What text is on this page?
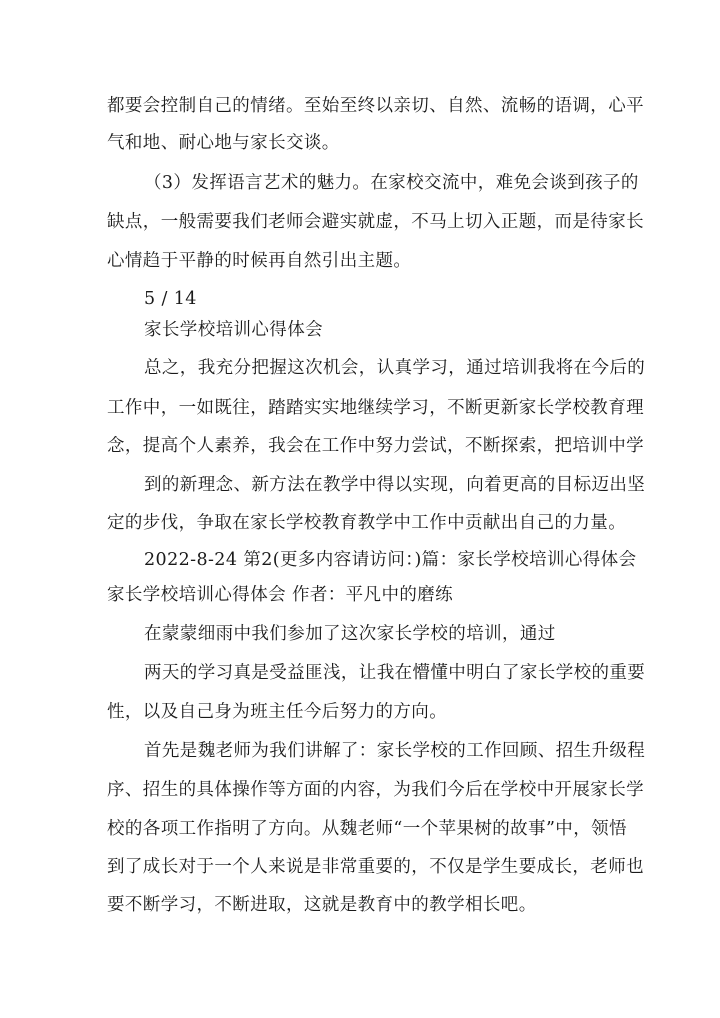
都要会控制自己的情绪。至始至终以亲切、自然、流畅的语调，心平
气和地、耐心地与家长交谈。
（3）发挥语言艺术的魅力。在家校交流中，难免会谈到孩子的
缺点，一般需要我们老师会避实就虚，不马上切入正题，而是待家长
心情趋于平静的时候再自然引出主题。
5 / 14
家长学校培训心得体会
总之，我充分把握这次机会，认真学习，通过培训我将在今后的
工作中，一如既往，踏踏实实地继续学习，不断更新家长学校教育理
念，提高个人素养，我会在工作中努力尝试，不断探索，把培训中学
到的新理念、新方法在教学中得以实现，向着更高的目标迈出坚
定的步伐，争取在家长学校教育教学中工作中贡献出自己的力量。
2022-8-24 第2(更多内容请访问：)篇：家长学校培训心得体会
家长学校培训心得体会 作者：平凡中的磨练
在蒙蒙细雨中我们参加了这次家长学校的培训，通过
两天的学习真是受益匪浅，让我在懵懂中明白了家长学校的重要
性，以及自己身为班主任今后努力的方向。
首先是魏老师为我们讲解了：家长学校的工作回顾、招生升级程
序、招生的具体操作等方面的内容，为我们今后在学校中开展家长学
校的各项工作指明了方向。从魏老师“一个苹果树的故事”中，领悟
到了成长对于一个人来说是非常重要的，不仅是学生要成长，老师也
要不断学习，不断进取，这就是教育中的教学相长吧。
